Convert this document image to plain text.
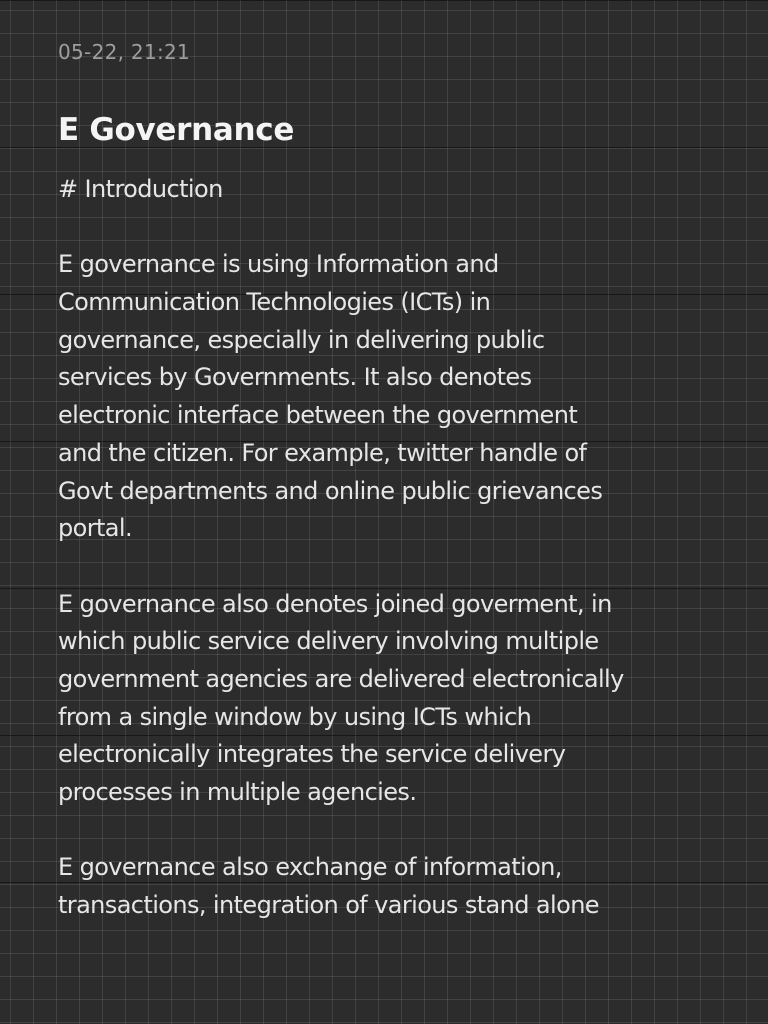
05-22, 21:21
E Governance
# Introduction
E governance is using Information and
Communication Technologies (ICTs) in
governance, especially in delivering public
services by Governments. It also denotes
electronic interface between the government
and the citizen. For example, twitter handle of
Govt departments and online public grievances
portal.
E governance also denotes joined goverment, in
which public service delivery involving multiple
government agencies are delivered electronically
from a single window by using ICTs which
electronically integrates the service delivery
processes in multiple agencies.
E governance also exchange of information,
transactions, integration of various stand alone
